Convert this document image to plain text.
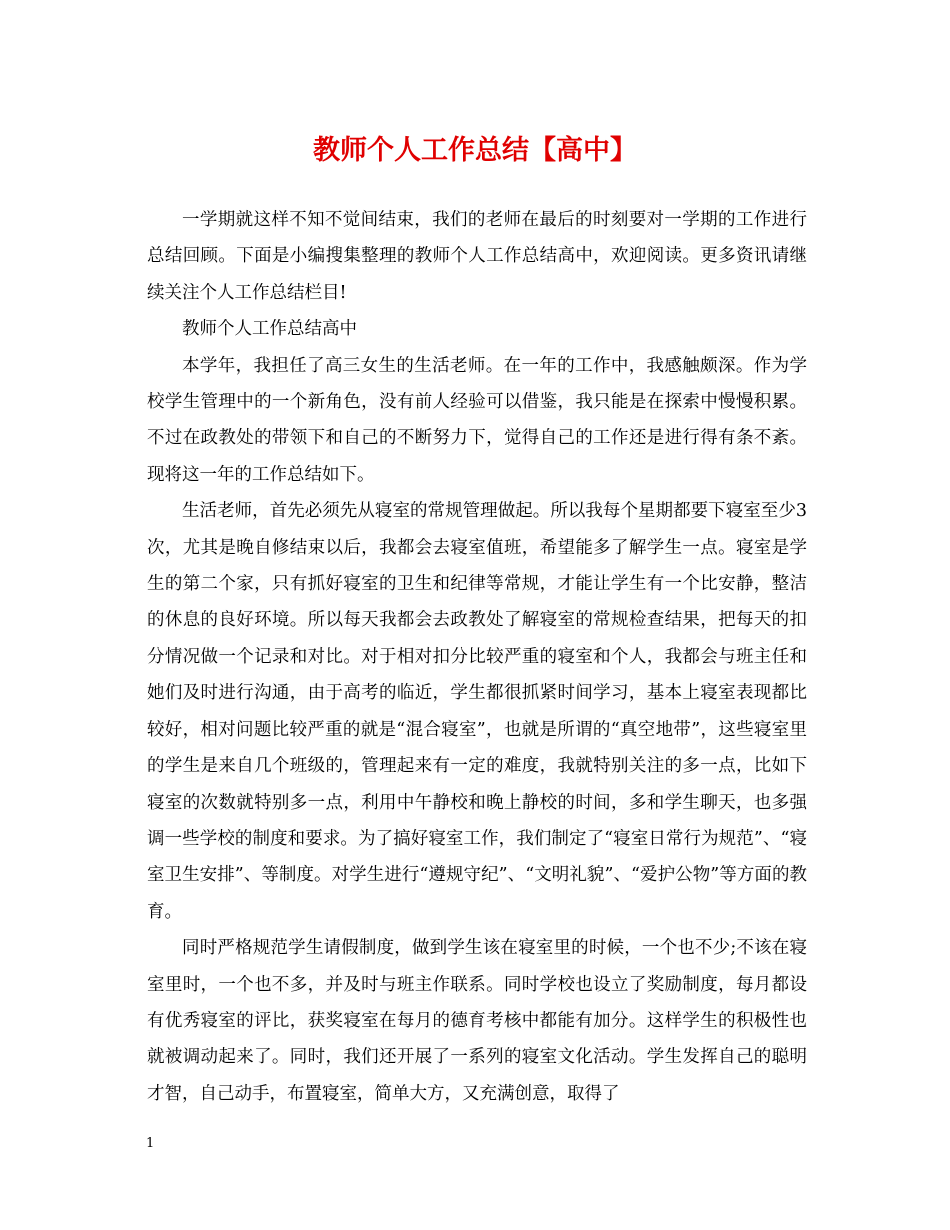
教师个人工作总结【高中】

一学期就这样不知不觉间结束，我们的老师在最后的时刻要对一学期的工作进行总结回顾。下面是小编搜集整理的教师个人工作总结高中，欢迎阅读。更多资讯请继续关注个人工作总结栏目!

教师个人工作总结高中

本学年，我担任了高三女生的生活老师。在一年的工作中，我感触颇深。作为学校学生管理中的一个新角色，没有前人经验可以借鉴，我只能是在探索中慢慢积累。不过在政教处的带领下和自己的不断努力下，觉得自己的工作还是进行得有条不紊。现将这一年的工作总结如下。

生活老师，首先必须先从寝室的常规管理做起。所以我每个星期都要下寝室至少3次，尤其是晚自修结束以后，我都会去寝室值班，希望能多了解学生一点。寝室是学生的第二个家，只有抓好寝室的卫生和纪律等常规，才能让学生有一个比安静，整洁的休息的良好环境。所以每天我都会去政教处了解寝室的常规检查结果，把每天的扣分情况做一个记录和对比。对于相对扣分比较严重的寝室和个人，我都会与班主任和她们及时进行沟通，由于高考的临近，学生都很抓紧时间学习，基本上寝室表现都比较好，相对问题比较严重的就是“混合寝室”，也就是所谓的“真空地带”，这些寝室里的学生是来自几个班级的，管理起来有一定的难度，我就特别关注的多一点，比如下寝室的次数就特别多一点，利用中午静校和晚上静校的时间，多和学生聊天，也多强调一些学校的制度和要求。为了搞好寝室工作，我们制定了“寝室日常行为规范”、“寝室卫生安排”、等制度。对学生进行“遵规守纪”、“文明礼貌”、“爱护公物”等方面的教育。

同时严格规范学生请假制度，做到学生该在寝室里的时候，一个也不少;不该在寝室里时，一个也不多，并及时与班主作联系。同时学校也设立了奖励制度，每月都设有优秀寝室的评比，获奖寝室在每月的德育考核中都能有加分。这样学生的积极性也就被调动起来了。同时，我们还开展了一系列的寝室文化活动。学生发挥自己的聪明才智，自己动手，布置寝室，简单大方，又充满创意，取得了

1
